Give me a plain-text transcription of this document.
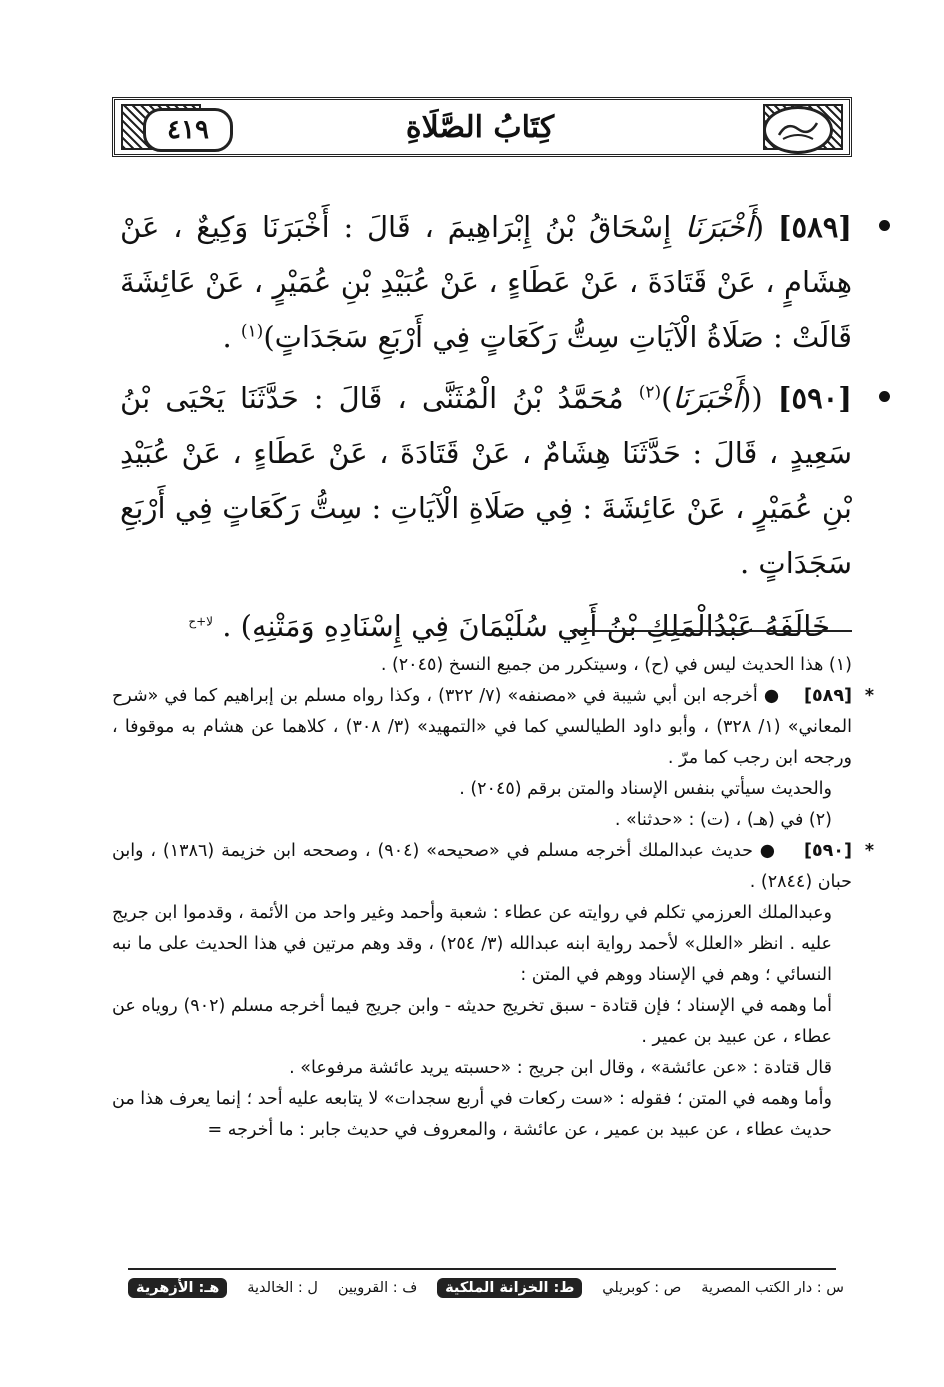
٤١٩	كِتَابُ الصَّلَاةِ
[٥٨٩] (أَخْبَرَنَا إِسْحَاقُ بْنُ إِبْرَاهِيمَ ، قَالَ : أَخْبَرَنَا وَكِيعٌ ، عَنْ هِشَامٍ ، عَنْ قَتَادَةَ ، عَنْ عَطَاءٍ ، عَنْ عُبَيْدِ بْنِ عُمَيْرٍ ، عَنْ عَائِشَةَ قَالَتْ : صَلَاةُ الْآيَاتِ سِتُّ رَكَعَاتٍ فِي أَرْبَعِ سَجَدَاتٍ)$^{(١)}$ .
[٥٩٠] ((أَخْبَرَنَا)$^{(٢)}$ مُحَمَّدُ بْنُ الْمُثَنَّى ، قَالَ : حَدَّثَنَا يَحْيَى بْنُ سَعِيدٍ ، قَالَ : حَدَّثَنَا هِشَامٌ ، عَنْ قَتَادَةَ ، عَنْ عَطَاءٍ ، عَنْ عُبَيْدِ بْنِ عُمَيْرٍ ، عَنْ عَائِشَةَ : فِي صَلَاةِ الْآيَاتِ : سِتُّ رَكَعَاتٍ فِي أَرْبَعِ سَجَدَاتٍ .
خَالَفَهُ عَبْدُالْمَلِكِ بْنُ أَبِي سُلَيْمَانَ فِي إِسْنَادِهِ وَمَتْنِهِ) . $^{لا+ح}$

(١) هذا الحديث ليس في (ح) ، وسيتكرر من جميع النسخ (٢٠٤٥) .

*
[٥٨٩]    ● أخرجه ابن أبي شيبة في «مصنفه» (٧/ ٣٢٢) ، وكذا رواه مسلم بن إبراهيم كما في «شرح المعاني» (١/ ٣٢٨) ، وأبو داود الطيالسي كما في «التمهيد» (٣/ ٣٠٨) ، كلاهما عن هشام به موقوفا ، ورجحه ابن رجب كما مرّ .

والحديث سيأتي بنفس الإسناد والمتن برقم (٢٠٤٥) .

(٢) في (هـ) ، (ت) : «حدثنا» .

*
[٥٩٠]    ● حديث عبدالملك أخرجه مسلم في «صحيحه» (٩٠٤) ، وصححه ابن خزيمة (١٣٨٦) ، وابن حبان (٢٨٤٤) .

وعبدالملك العرزمي تكلم في روايته عن عطاء : شعبة وأحمد وغير واحد من الأئمة ، وقدموا ابن جريج عليه . انظر «العلل» لأحمد رواية ابنه عبدالله (٣/ ٢٥٤) ، وقد وهم مرتين في هذا الحديث على ما نبه النسائي ؛ وهم في الإسناد ووهم في المتن :

أما وهمه في الإسناد ؛ فإن قتادة - سبق تخريج حديثه - وابن جريج فيما أخرجه مسلم (٩٠٢) روياه عن عطاء ، عن عبيد بن عمير .

قال قتادة : «عن عائشة» ، وقال ابن جريج : «حسبته يريد عائشة مرفوعا» .

وأما وهمه في المتن ؛ فقوله : «ست ركعات في أربع سجدات» لا يتابعه عليه أحد ؛ إنما يعرف هذا من حديث عطاء ، عن عبيد بن عمير ، عن عائشة ، والمعروف في حديث جابر : ما أخرجه =

س : دار الكتب المصرية
ص : كوبريلي
ط: الخزانة الملكية
ف : القرويين
ل : الخالدية
هـ: الأزهرية
